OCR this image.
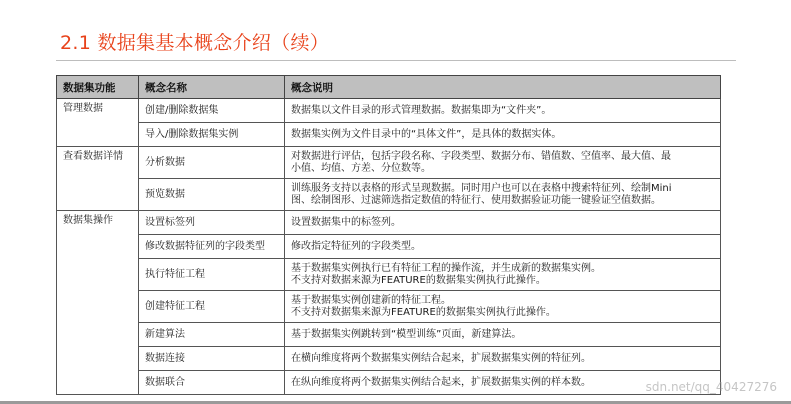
2.1 数据集基本概念介绍（续）
数据集功能	概念名称	概念说明
管理数据	创建/删除数据集	数据集以文件目录的形式管理数据。数据集即为“文件夹”。

	导入/删除数据集实例	数据集实例为文件目录中的“具体文件”，是具体的数据实体。

查看数据详情	分析数据	对数据进行评估，包括字段名称、字段类型、数据分布、错值数、空值率、最大值、最
小值、均值、方差、分位数等。

	预览数据	训练服务支持以表格的形式呈现数据。同时用户也可以在表格中搜索特征列、绘制Mini
图、绘制图形、过滤筛选指定数值的特征行、使用数据验证功能一键验证空值数据。

数据集操作	设置标签列	设置数据集中的标签列。

	修改数据特征列的字段类型	修改指定特征列的字段类型。

	执行特征工程	基于数据集实例执行已有特征工程的操作流，并生成新的数据集实例。
不支持对数据来源为FEATURE的数据集实例执行此操作。

	创建特征工程	基于数据集实例创建新的特征工程。
不支持对数据集来源为FEATURE的数据集实例执行此操作。

	新建算法	基于数据集实例跳转到“模型训练”页面，新建算法。

	数据连接	在横向维度将两个数据集实例结合起来，扩展数据集实例的特征列。

	数据联合	在纵向维度将两个数据集实例结合起来，扩展数据集实例的样本数。	sdn.net/qq_40427276
